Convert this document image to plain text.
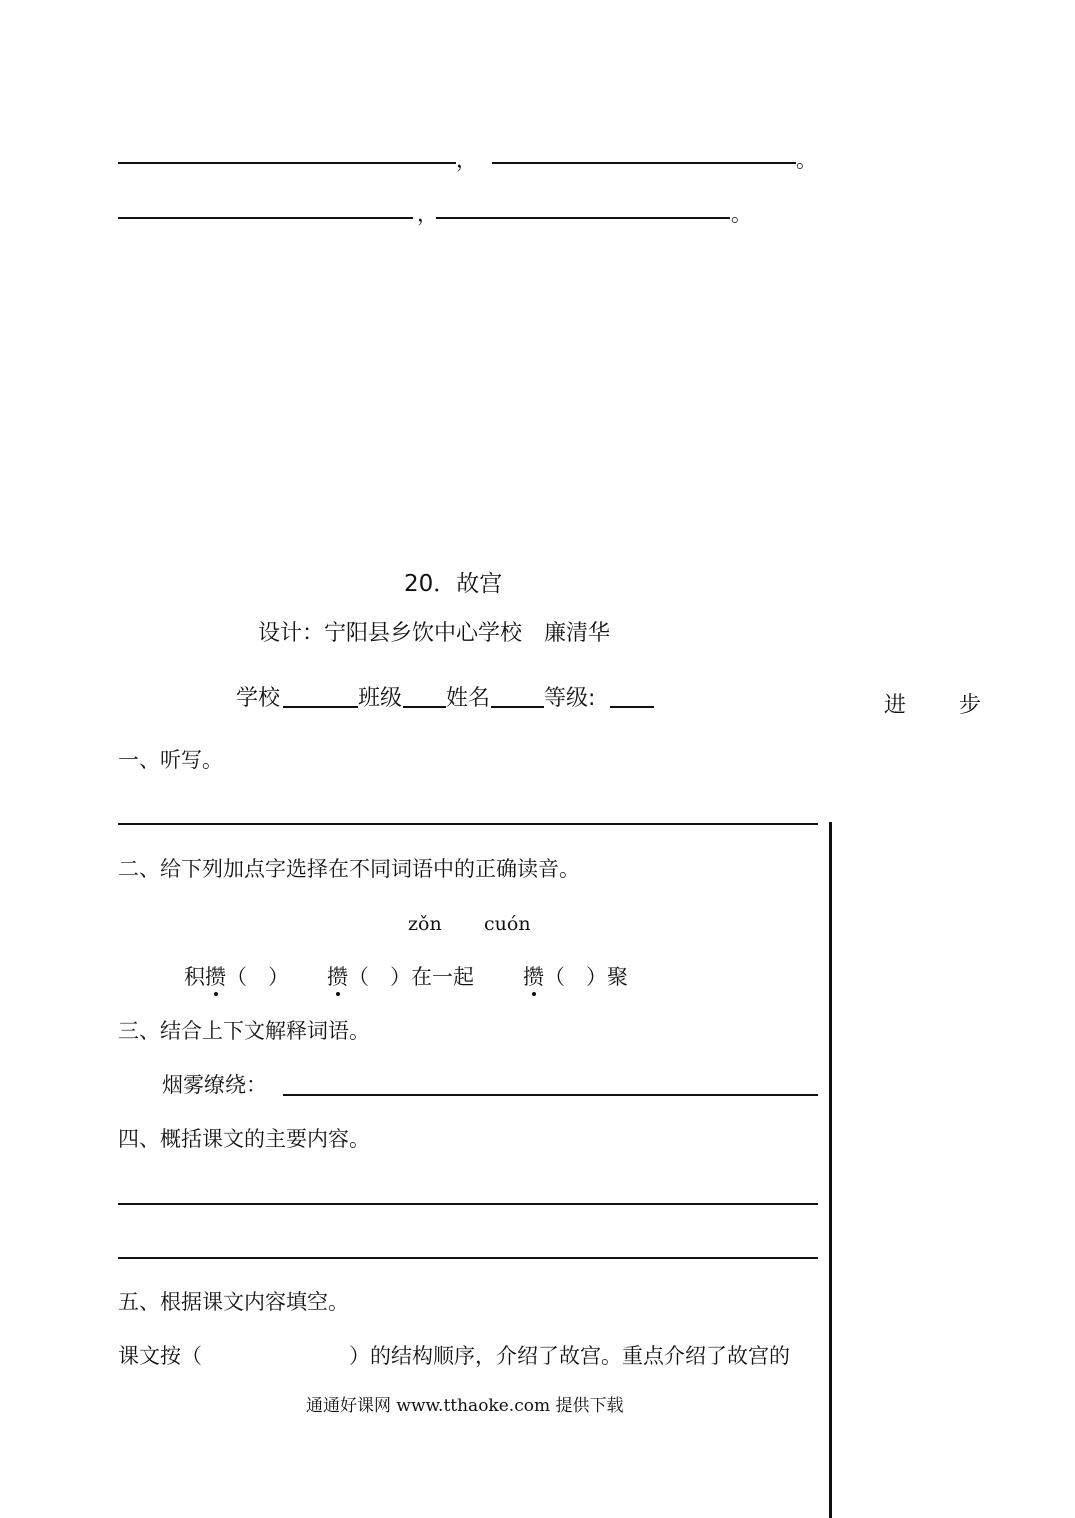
，	。
，	。
20．故宫
设计：宁阳县乡饮中心学校　廉清华
学校	班级 姓名 等级:	进 步
一、听写。
二、给下列加点字选择在不同词语中的正确读音。
zǒn cuón
积攒（　） 攒（　）在一起 攒（　）聚
三、结合上下文解释词语。
烟雾缭绕：
四、概括课文的主要内容。
五、根据课文内容填空。
课文按（　　　　　　　）的结构顺序，介绍了故宫。重点介绍了故宫的
通通好课网 www.tthaoke.com 提供下载
